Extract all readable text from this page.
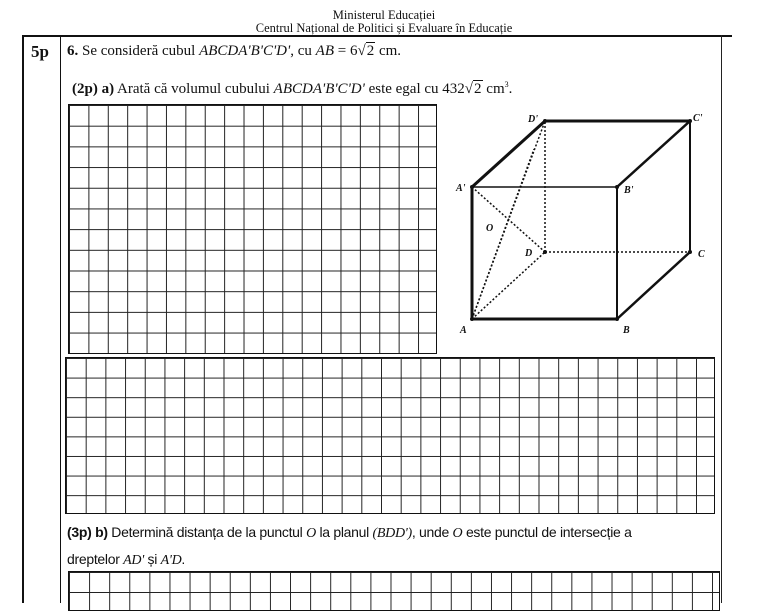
Ministerul Educației
Centrul Național de Politici și Evaluare în Educație
5p 6. Se consideră cubul ABCDA'B'C'D', cu AB = 6√2 cm.
(2p) a) Arată că volumul cubului ABCDA'B'C'D' este egal cu 432√2 $cm^3$.
A	B
C
D
A'	B'
C'
D'
O
(3p) b) Determină distanța de la punctul O la planul (BDD'), unde O este punctul de intersecție a
dreptelor AD' și A'D.
